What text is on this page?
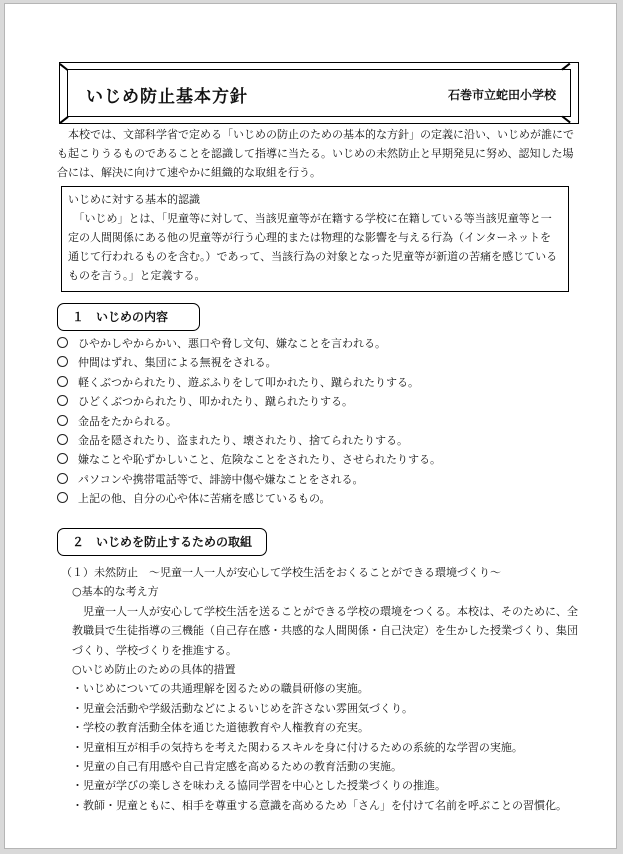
いじめ防止基本方針	石巻市立蛇田小学校
　本校では、文部科学省で定める「いじめの防止のための基本的な方針」の定義に沿い、いじめが誰にで
も起こりうるものであることを認識して指導に当たる。いじめの未然防止と早期発見に努め、認知した場
合には、解決に向けて速やかに組織的な取組を行う。
いじめに対する基本的認識
　「いじめ」とは、「児童等に対して、当該児童等が在籍する学校に在籍している等当該児童等と一
定の人間関係にある他の児童等が行う心理的または物理的な影響を与える行為（インターネットを
通じて行われるものを含む。）であって、当該行為の対象となった児童等が新道の苦痛を感じている
ものを言う。」と定義する。
１　いじめの内容
ひやかしやからかい、悪口や脅し文句、嫌なことを言われる。
仲間はずれ、集団による無視をされる。
軽くぶつかられたり、遊ぶふりをして叩かれたり、蹴られたりする。
ひどくぶつかられたり、叩かれたり、蹴られたりする。
金品をたかられる。
金品を隠されたり、盗まれたり、壊されたり、捨てられたりする。
嫌なことや恥ずかしいこと、危険なことをされたり、させられたりする。
パソコンや携帯電話等で、誹謗中傷や嫌なことをされる。
上記の他、自分の心や体に苦痛を感じているもの。
２　いじめを防止するための取組
（１）未然防止　～児童一人一人が安心して学校生活をおくることができる環境づくり～
　○基本的な考え方
　　児童一人一人が安心して学校生活を送ることができる学校の環境をつくる。本校は、そのために、全
　教職員で生徒指導の三機能（自己存在感・共感的な人間関係・自己決定）を生かした授業づくり、集団
　づくり、学校づくりを推進する。
　○いじめ防止のための具体的措置
　・いじめについての共通理解を図るための職員研修の実施。
　・児童会活動や学級活動などによるいじめを許さない雰囲気づくり。
　・学校の教育活動全体を通じた道徳教育や人権教育の充実。
　・児童相互が相手の気持ちを考えた関わるスキルを身に付けるための系統的な学習の実施。
　・児童の自己有用感や自己肯定感を高めるための教育活動の実施。
　・児童が学びの楽しさを味わえる協同学習を中心とした授業づくりの推進。
　・教師・児童ともに、相手を尊重する意識を高めるため「さん」を付けて名前を呼ぶことの習慣化。
